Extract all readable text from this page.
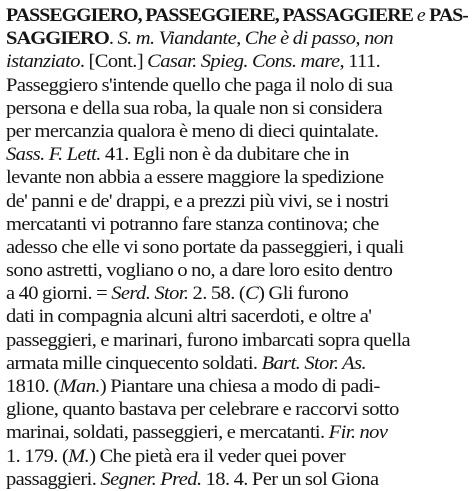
PASSEGGIERO, PASSEGGIERE, PASSAGGIERE e PAS-
SAGGIERO. S. m. Viandante, Che è di passo, non
istanziato. [Cont.] Casar. Spieg. Cons. mare, 111.
Passeggiero s'intende quello che paga il nolo di sua
persona e della sua roba, la quale non si considera
per mercanzia qualora è meno di dieci quintalate.
Sass. F. Lett. 41. Egli non è da dubitare che in
levante non abbia a essere maggiore la spedizione
de' panni e de' drappi, e a prezzi più vivi, se i nostri
mercatanti vi potranno fare stanza continova; che
adesso che elle vi sono portate da passeggieri, i quali
sono astretti, vogliano o no, a dare loro esito dentro
a 40 giorni. = Serd. Stor. 2. 58. (C) Gli furono
dati in compagnia alcuni altri sacerdoti, e oltre a'
passeggieri, e marinari, furono imbarcati sopra quella
armata mille cinquecento soldati. Bart. Stor. As.
1810. (Man.) Piantare una chiesa a modo di padi-
glione, quanto bastava per celebrare e raccorvi sotto
marinai, soldati, passeggieri, e mercatanti. Fir. nov
1. 179. (M.) Che pietà era il veder quei pover
passaggieri. Segner. Pred. 18. 4. Per un sol Giona
